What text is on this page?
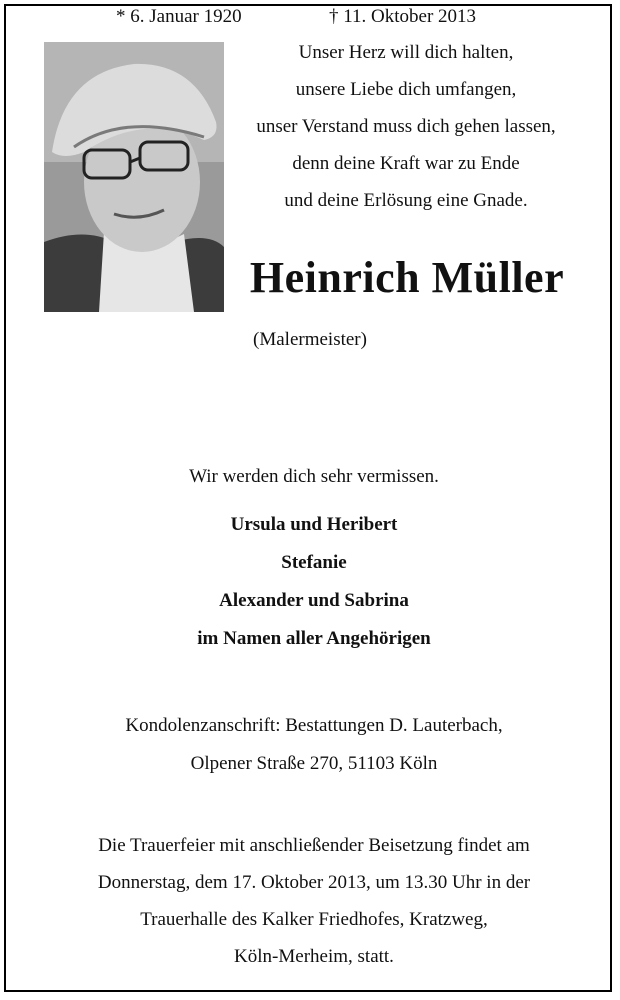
Unser Herz will dich halten,
unsere Liebe dich umfangen,
unser Verstand muss dich gehen lassen,
denn deine Kraft war zu Ende
und deine Erlösung eine Gnade.
Heinrich Müller
(Malermeister)
* 6. Januar 1920	† 11. Oktober 2013
Wir werden dich sehr vermissen.
Ursula und Heribert
Stefanie
Alexander und Sabrina
im Namen aller Angehörigen
Kondolenzanschrift: Bestattungen D. Lauterbach,
Olpener Straße 270, 51103 Köln
Die Trauerfeier mit anschließender Beisetzung findet am
Donnerstag, dem 17. Oktober 2013, um 13.30 Uhr in der
Trauerhalle des Kalker Friedhofes, Kratzweg,
Köln-Merheim, statt.
